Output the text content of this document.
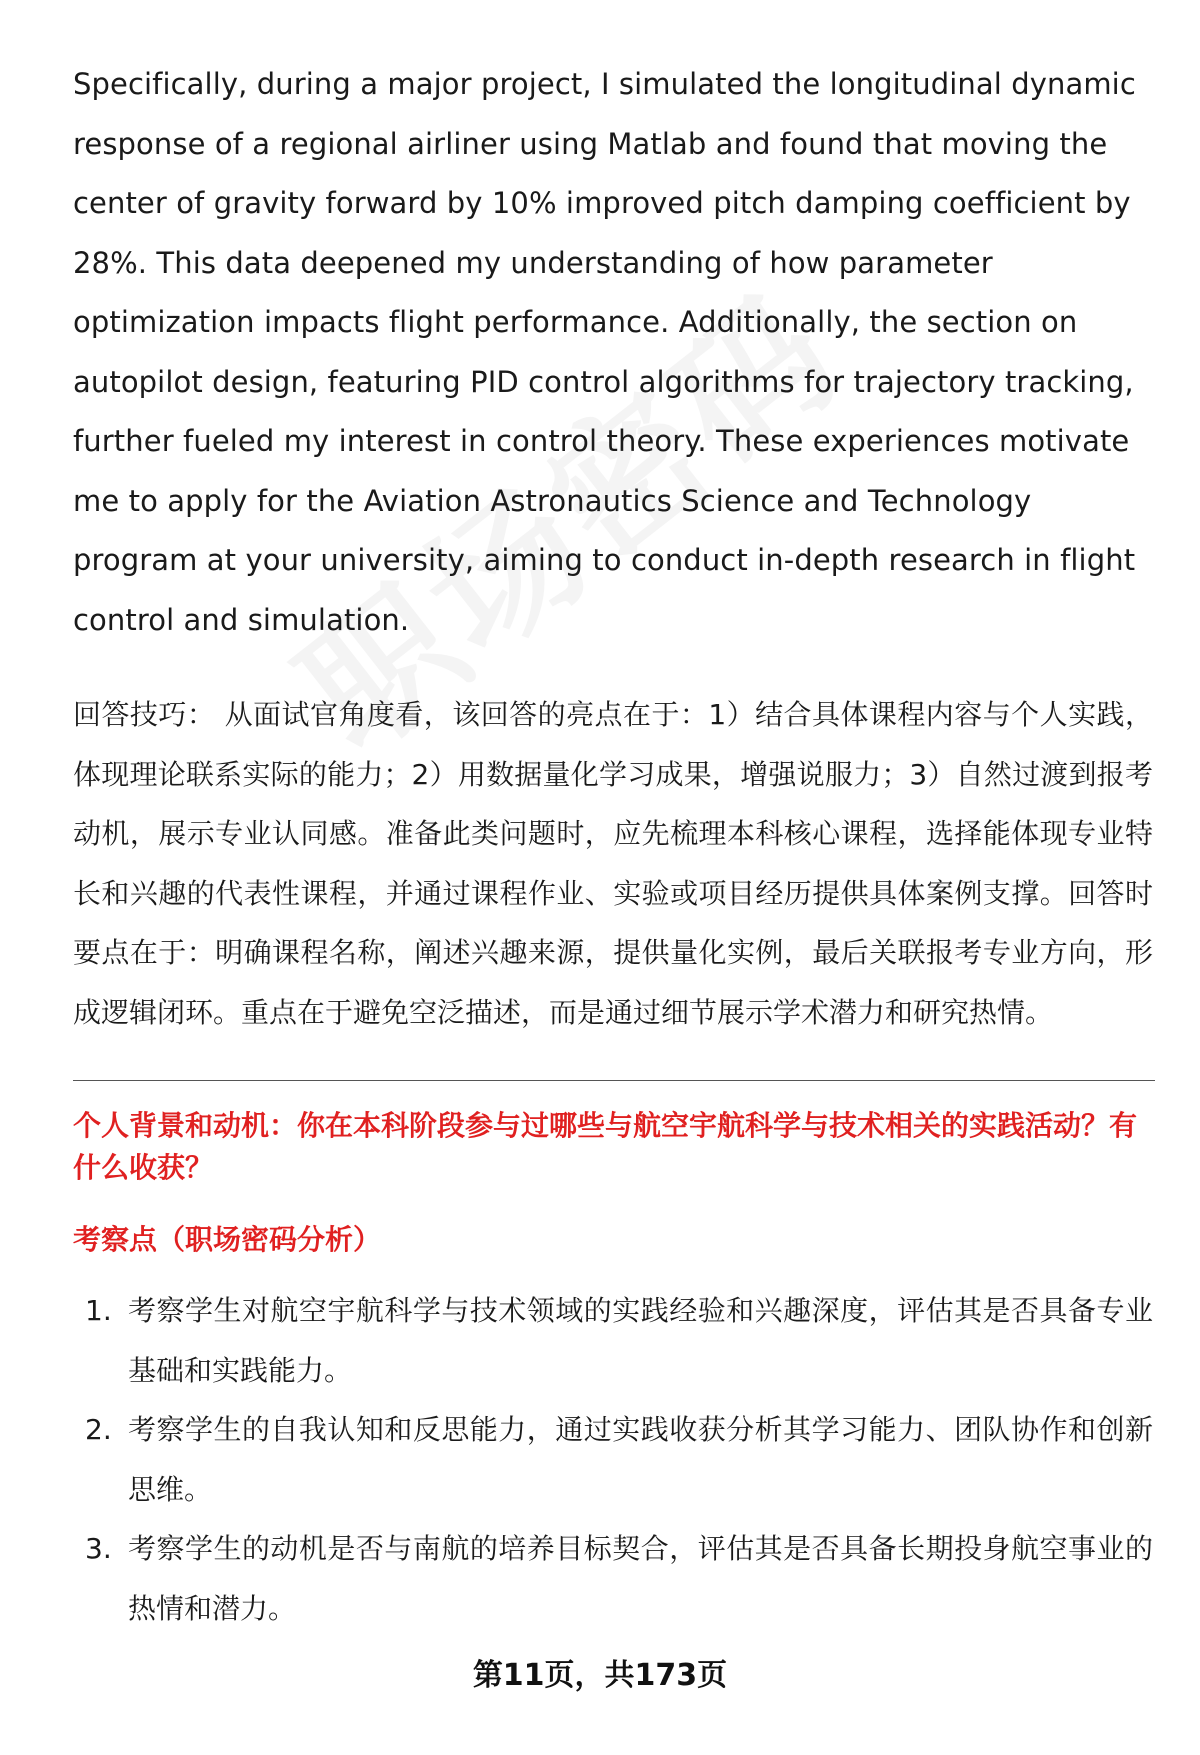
Specifically, during a major project, I simulated the longitudinal dynamic response of a regional airliner using Matlab and found that moving the center of gravity forward by 10% improved pitch damping coefficient by 28%. This data deepened my understanding of how parameter optimization impacts flight performance. Additionally, the section on autopilot design, featuring PID control algorithms for trajectory tracking, further fueled my interest in control theory. These experiences motivate me to apply for the Aviation Astronautics Science and Technology program at your university, aiming to conduct in-depth research in flight control and simulation.

回答技巧： 从面试官角度看，该回答的亮点在于：1）结合具体课程内容与个人实践，体现理论联系实际的能力；2）用数据量化学习成果，增强说服力；3）自然过渡到报考动机，展示专业认同感。准备此类问题时，应先梳理本科核心课程，选择能体现专业特长和兴趣的代表性课程，并通过课程作业、实验或项目经历提供具体案例支撑。回答时要点在于：明确课程名称，阐述兴趣来源，提供量化实例，最后关联报考专业方向，形成逻辑闭环。重点在于避免空泛描述，而是通过细节展示学术潜力和研究热情。

个人背景和动机：你在本科阶段参与过哪些与航空宇航科学与技术相关的实践活动？有什么收获？
考察点（职场密码分析）
1. 考察学生对航空宇航科学与技术领域的实践经验和兴趣深度，评估其是否具备专业基础和实践能力。
2. 考察学生的自我认知和反思能力，通过实践收获分析其学习能力、团队协作和创新思维。
3. 考察学生的动机是否与南航的培养目标契合，评估其是否具备长期投身航空事业的热情和潜力。
第11页，共173页
